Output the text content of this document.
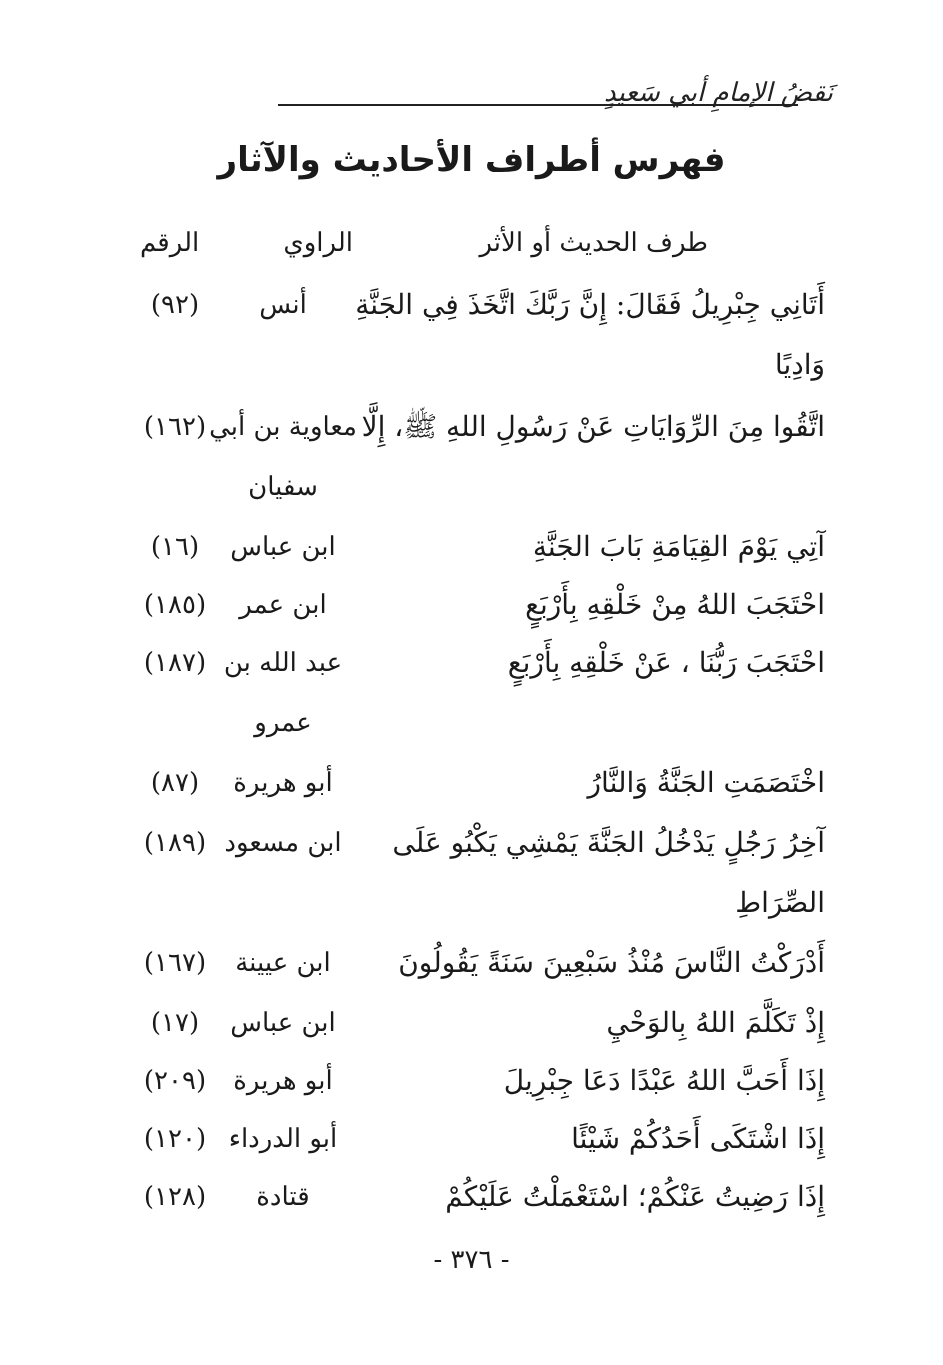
نَقضُ الإمامِ أبي سَعيدٍ
فهرس أطراف الأحاديث والآثار
طرف الحديث أو الأثر
الراوي
الرقم
أَتَانِي جِبْرِيلُ فَقَالَ: إِنَّ رَبَّكَ اتَّخَذَ فِي الجَنَّةِ
أنس
(٩٢)
وَادِيًا
اتَّقُوا مِنَ الرِّوَايَاتِ عَنْ رَسُولِ اللهِ ﷺ، إِلَّا
معاوية بن أبي
(١٦٢)
سفيان
آتِي يَوْمَ القِيَامَةِ بَابَ الجَنَّةِ
ابن عباس
(١٦)
احْتَجَبَ اللهُ مِنْ خَلْقِهِ بِأَرْبَعٍ
ابن عمر
(١٨٥)
احْتَجَبَ رَبُّنَا ، عَنْ خَلْقِهِ بِأَرْبَعٍ
عبد الله بن
(١٨٧)
عمرو
اخْتَصَمَتِ الجَنَّةُ وَالنَّارُ
أبو هريرة
(٨٧)
آخِرُ رَجُلٍ يَدْخُلُ الجَنَّةَ يَمْشِي يَكْبُو عَلَى
ابن مسعود
(١٨٩)
الصِّرَاطِ
أَدْرَكْتُ النَّاسَ مُنْذُ سَبْعِينَ سَنَةً يَقُولُونَ
ابن عيينة
(١٦٧)
إِذْ تَكَلَّمَ اللهُ بِالوَحْيِ
ابن عباس
(١٧)
إِذَا أَحَبَّ اللهُ عَبْدًا دَعَا جِبْرِيلَ
أبو هريرة
(٢٠٩)
إِذَا اشْتَكَى أَحَدُكُمْ شَيْئًا
أبو الدرداء
(١٢٠)
إِذَا رَضِيتُ عَنْكُمْ؛ اسْتَعْمَلْتُ عَلَيْكُمْ
قتادة
(١٢٨)
- ٣٧٦ -
